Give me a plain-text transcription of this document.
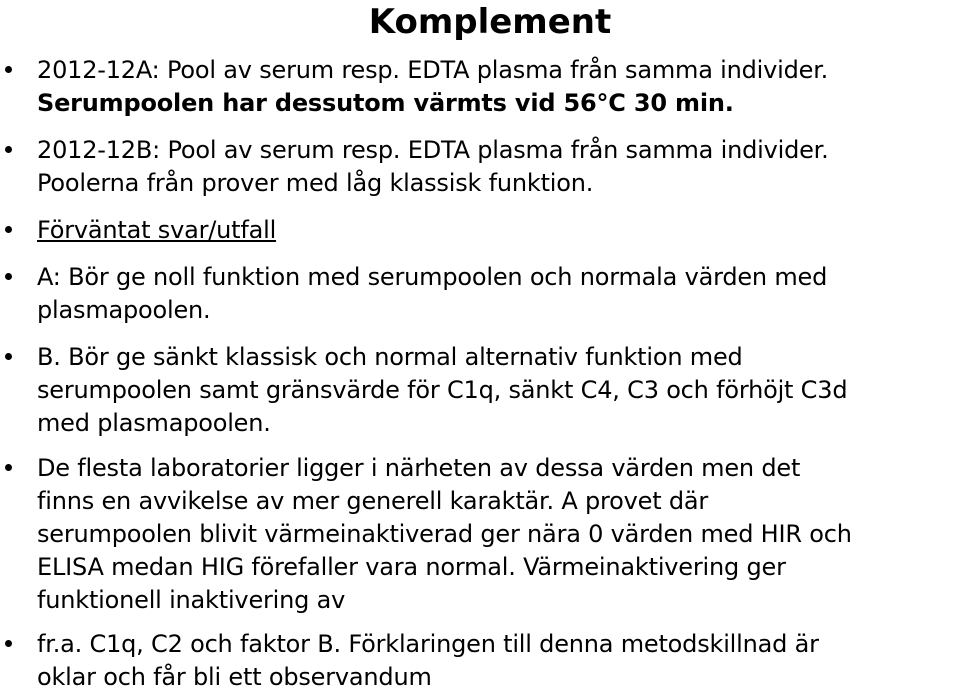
Komplement
2012-12A: Pool av serum resp. EDTA plasma från samma individer.
Serumpoolen har dessutom värmts vid 56°C 30 min.
2012-12B: Pool av serum resp. EDTA plasma från samma individer.
Poolerna från prover med låg klassisk funktion.
Förväntat svar/utfall
A: Bör ge noll funktion med serumpoolen och normala värden med
plasmapoolen.
B. Bör ge sänkt klassisk och normal alternativ funktion med
serumpoolen samt gränsvärde för C1q, sänkt C4, C3 och förhöjt C3d
med plasmapoolen.
De flesta laboratorier ligger i närheten av dessa värden men det
finns en avvikelse av mer generell karaktär. A provet där
serumpoolen blivit värmeinaktiverad ger nära 0 värden med HIR och
ELISA medan HIG förefaller vara normal. Värmeinaktivering ger
funktionell inaktivering av
fr.a. C1q, C2 och faktor B. Förklaringen till denna metodskillnad är
oklar och får bli ett observandum
